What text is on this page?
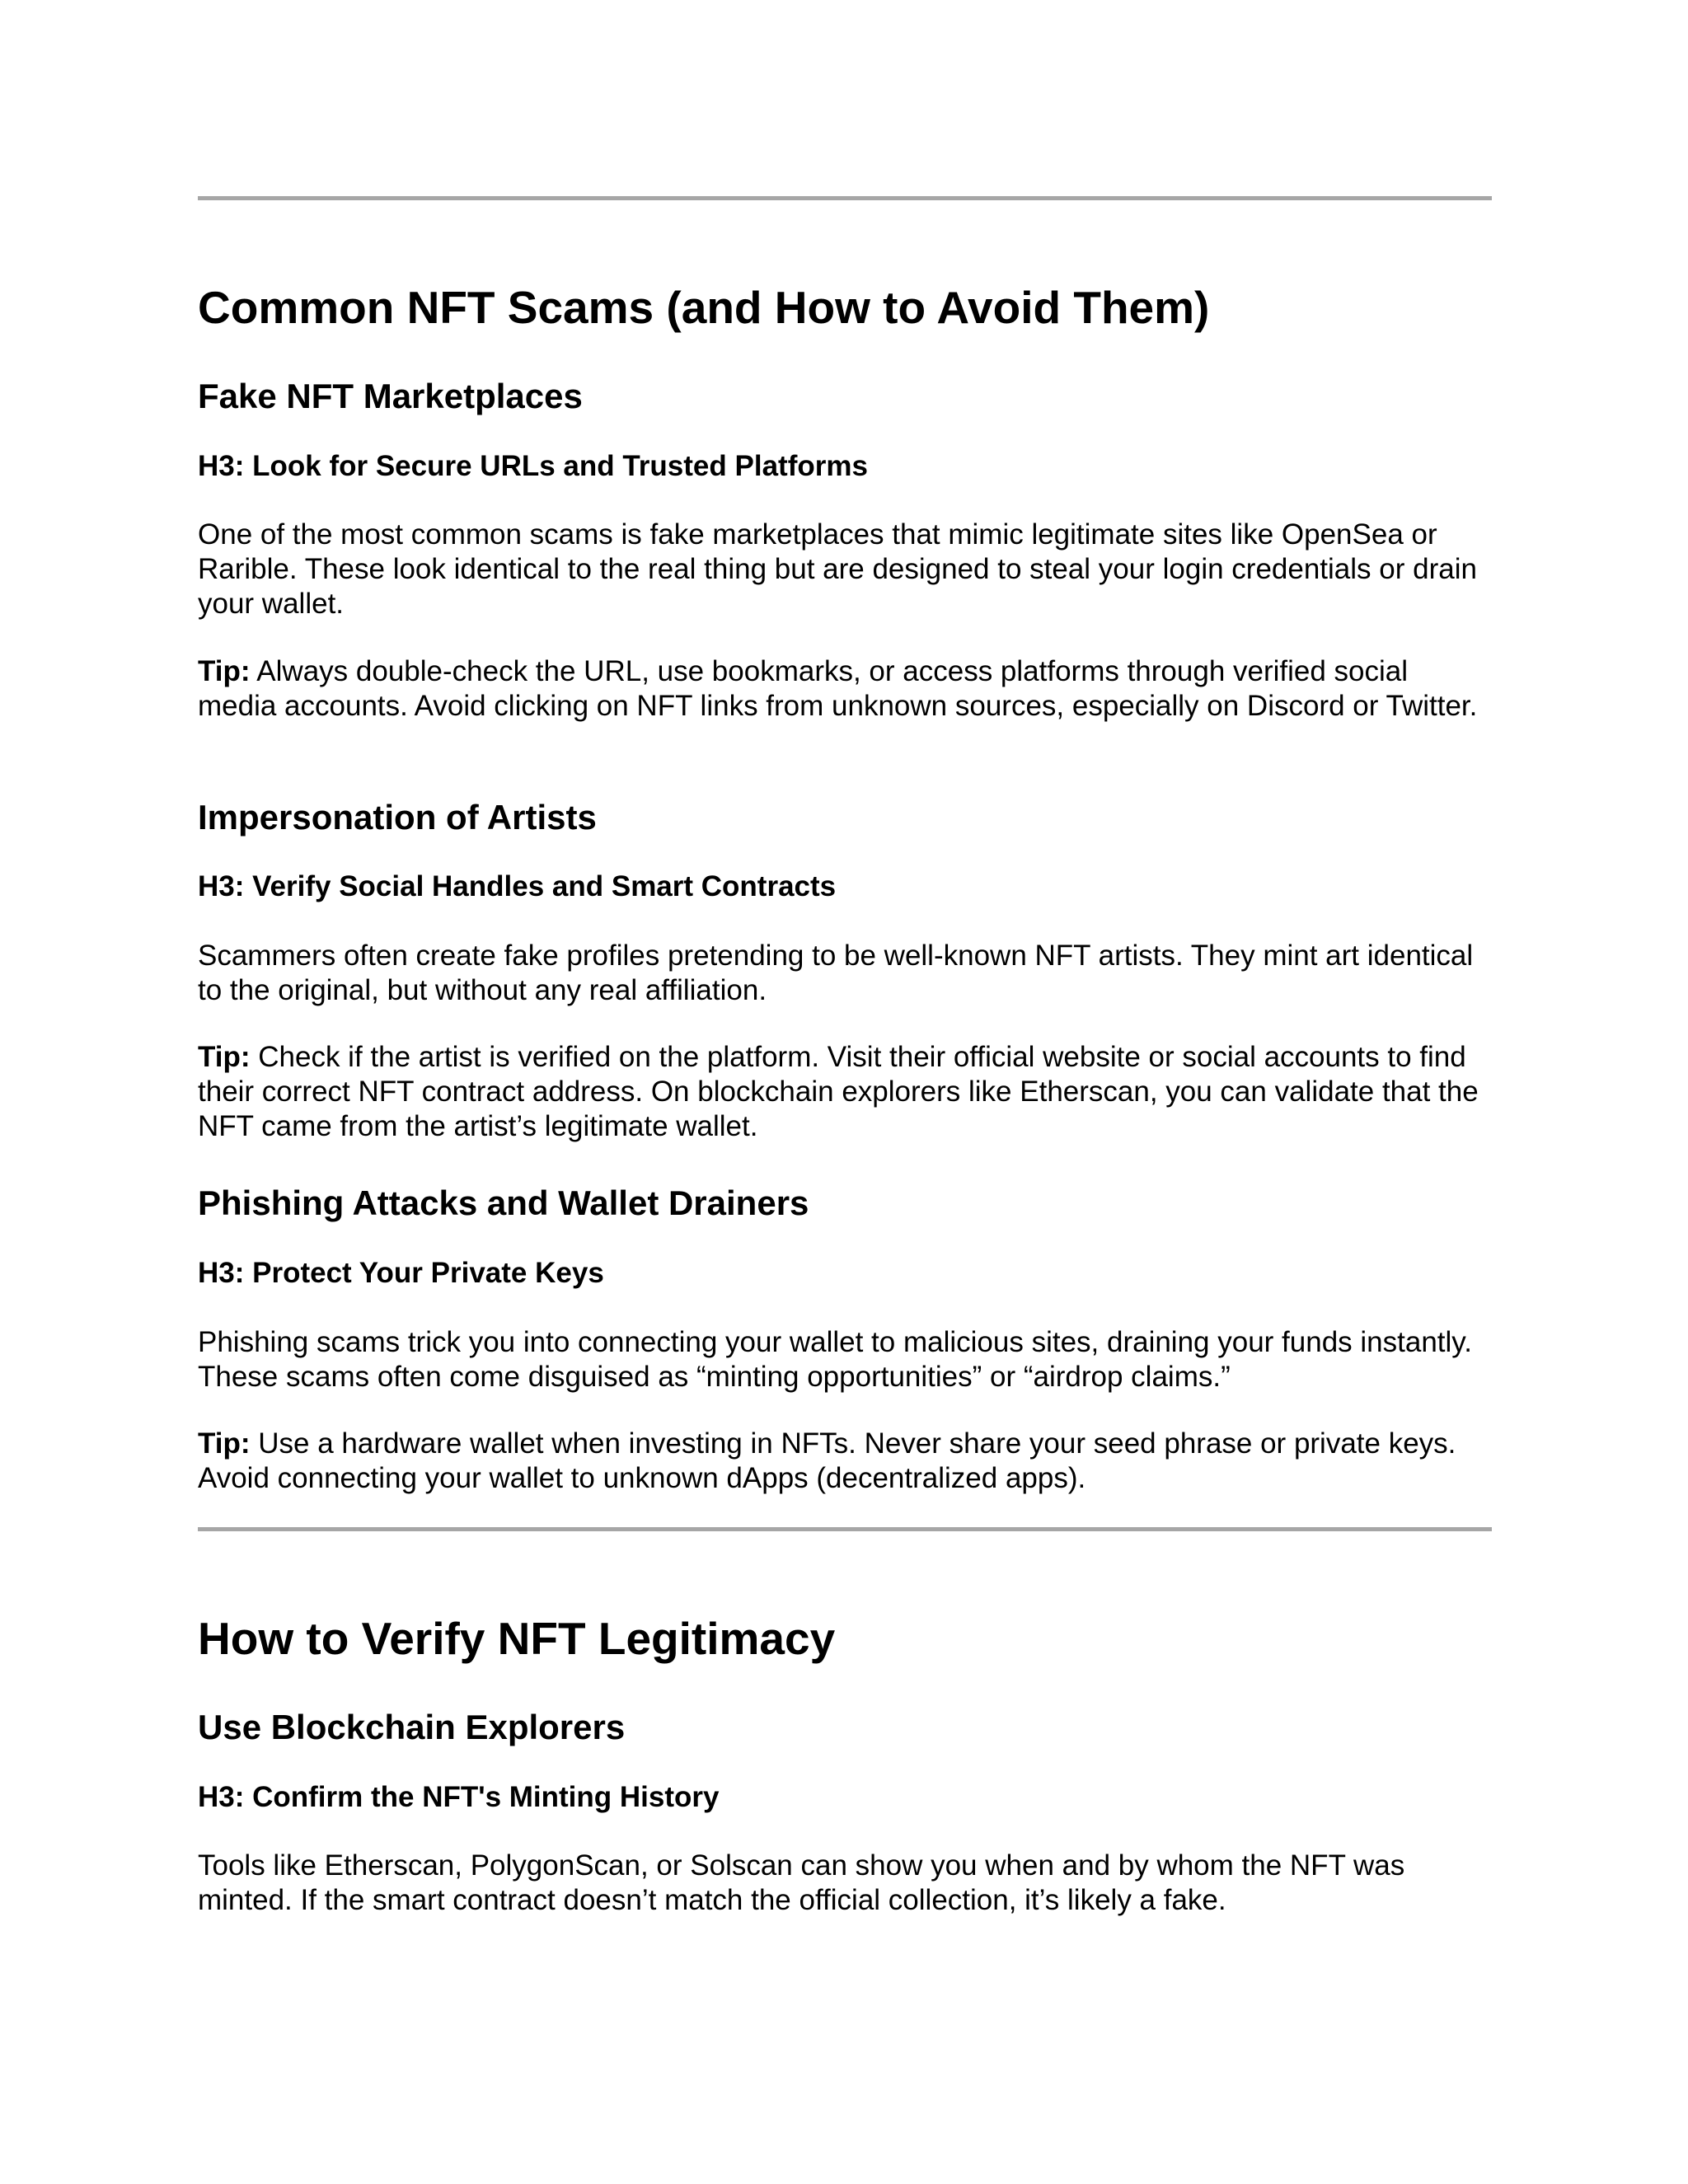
Common NFT Scams (and How to Avoid Them)
Fake NFT Marketplaces
H3: Look for Secure URLs and Trusted Platforms

One of the most common scams is fake marketplaces that mimic legitimate sites like OpenSea or Rarible. These look identical to the real thing but are designed to steal your login credentials or drain your wallet.

Tip: Always double-check the URL, use bookmarks, or access platforms through verified social media accounts. Avoid clicking on NFT links from unknown sources, especially on Discord or Twitter.

Impersonation of Artists
H3: Verify Social Handles and Smart Contracts

Scammers often create fake profiles pretending to be well-known NFT artists. They mint art identical to the original, but without any real affiliation.

Tip: Check if the artist is verified on the platform. Visit their official website or social accounts to find their correct NFT contract address. On blockchain explorers like Etherscan, you can validate that the NFT came from the artist’s legitimate wallet.

Phishing Attacks and Wallet Drainers
H3: Protect Your Private Keys

Phishing scams trick you into connecting your wallet to malicious sites, draining your funds instantly. These scams often come disguised as “minting opportunities” or “airdrop claims.”

Tip: Use a hardware wallet when investing in NFTs. Never share your seed phrase or private keys. Avoid connecting your wallet to unknown dApps (decentralized apps).

How to Verify NFT Legitimacy
Use Blockchain Explorers
H3: Confirm the NFT's Minting History

Tools like Etherscan, PolygonScan, or Solscan can show you when and by whom the NFT was minted. If the smart contract doesn’t match the official collection, it’s likely a fake.
